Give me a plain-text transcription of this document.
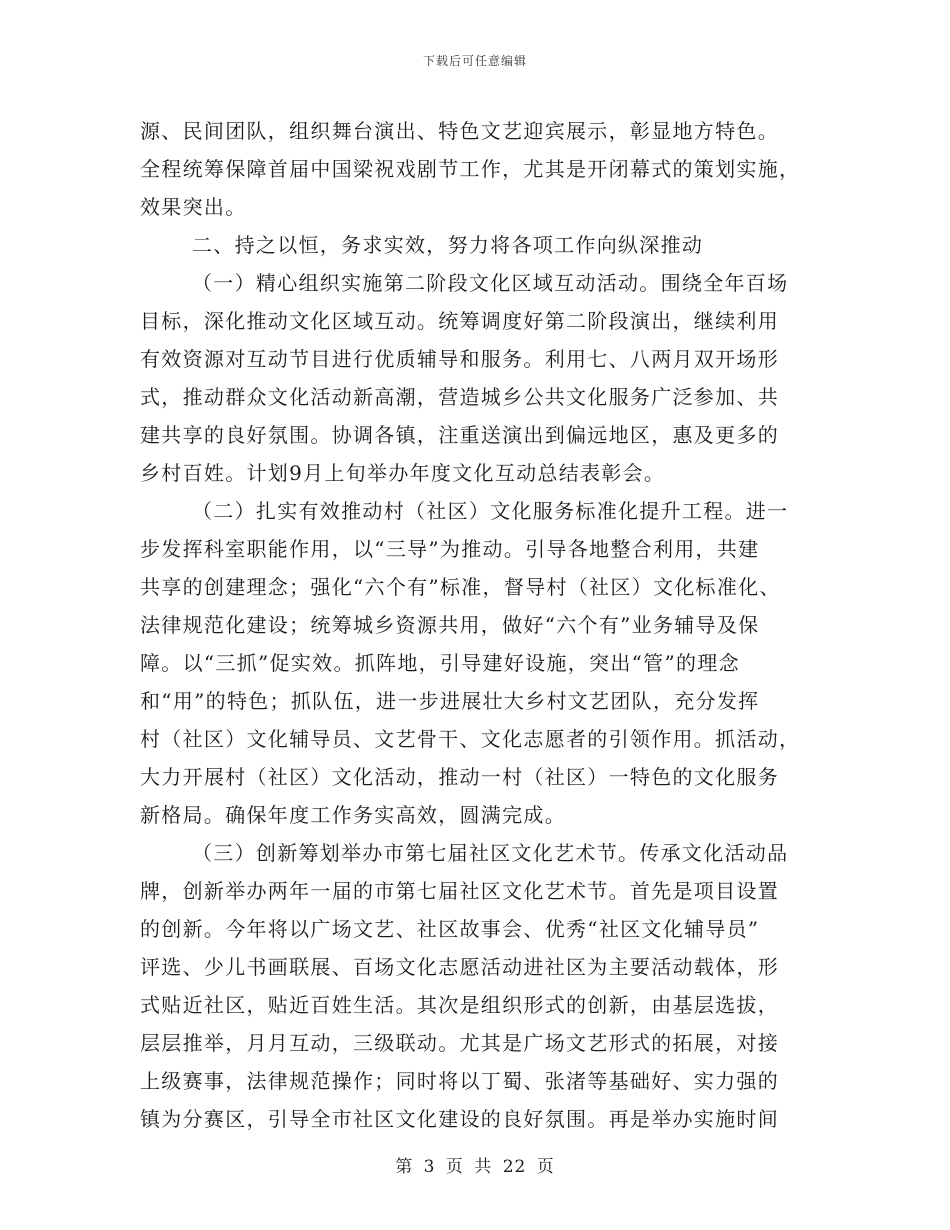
下载后可任意编辑
源、民间团队，组织舞台演出、特色文艺迎宾展示，彰显地方特色。
全程统筹保障首届中国梁祝戏剧节工作，尤其是开闭幕式的策划实施，
效果突出。
二、持之以恒，务求实效，努力将各项工作向纵深推动
（一）精心组织实施第二阶段文化区域互动活动。围绕全年百场
目标，深化推动文化区域互动。统筹调度好第二阶段演出，继续利用
有效资源对互动节目进行优质辅导和服务。利用七、八两月双开场形
式，推动群众文化活动新高潮，营造城乡公共文化服务广泛参加、共
建共享的良好氛围。协调各镇，注重送演出到偏远地区，惠及更多的
乡村百姓。计划9月上旬举办年度文化互动总结表彰会。
（二）扎实有效推动村（社区）文化服务标准化提升工程。进一
步发挥科室职能作用，以“三导”为推动。引导各地整合利用，共建
共享的创建理念；强化“六个有”标准，督导村（社区）文化标准化、
法律规范化建设；统筹城乡资源共用，做好“六个有”业务辅导及保
障。以“三抓”促实效。抓阵地，引导建好设施，突出“管”的理念
和“用”的特色；抓队伍，进一步进展壮大乡村文艺团队，充分发挥
村（社区）文化辅导员、文艺骨干、文化志愿者的引领作用。抓活动，
大力开展村（社区）文化活动，推动一村（社区）一特色的文化服务
新格局。确保年度工作务实高效，圆满完成。
（三）创新筹划举办市第七届社区文化艺术节。传承文化活动品
牌，创新举办两年一届的市第七届社区文化艺术节。首先是项目设置
的创新。今年将以广场文艺、社区故事会、优秀“社区文化辅导员”
评选、少儿书画联展、百场文化志愿活动进社区为主要活动载体，形
式贴近社区，贴近百姓生活。其次是组织形式的创新，由基层选拔，
层层推举，月月互动，三级联动。尤其是广场文艺形式的拓展，对接
上级赛事，法律规范操作；同时将以丁蜀、张渚等基础好、实力强的
镇为分赛区，引导全市社区文化建设的良好氛围。再是举办实施时间
第 3 页 共 22 页
